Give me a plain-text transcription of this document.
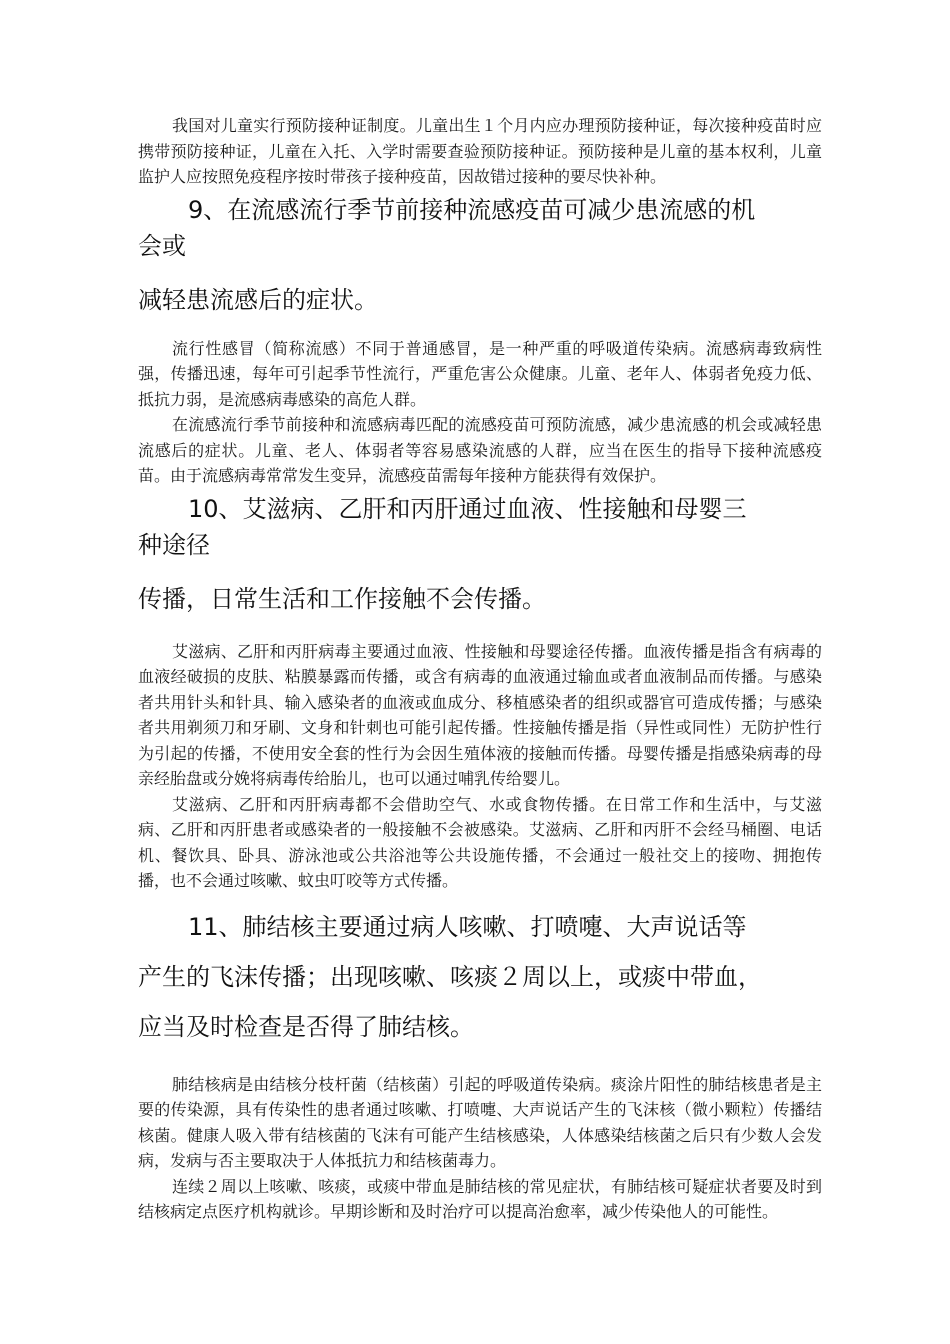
我国对儿童实行预防接种证制度。儿童出生１个月内应办理预防接种证，每次接种疫苗时应携带预防接种证，儿童在入托、入学时需要查验预防接种证。预防接种是儿童的基本权利，儿童监护人应按照免疫程序按时带孩子接种疫苗，因故错过接种的要尽快补种。

9、在流感流行季节前接种流感疫苗可减少患流感的机
会或
减轻患流感后的症状。

流行性感冒（简称流感）不同于普通感冒，是一种严重的呼吸道传染病。流感病毒致病性强，传播迅速，每年可引起季节性流行，严重危害公众健康。儿童、老年人、体弱者免疫力低、抵抗力弱，是流感病毒感染的高危人群。

在流感流行季节前接种和流感病毒匹配的流感疫苗可预防流感，减少患流感的机会或减轻患流感后的症状。儿童、老人、体弱者等容易感染流感的人群，应当在医生的指导下接种流感疫苗。由于流感病毒常常发生变异，流感疫苗需每年接种方能获得有效保护。

10、艾滋病、乙肝和丙肝通过血液、性接触和母婴三
种途径
传播，日常生活和工作接触不会传播。

艾滋病、乙肝和丙肝病毒主要通过血液、性接触和母婴途径传播。血液传播是指含有病毒的血液经破损的皮肤、粘膜暴露而传播，或含有病毒的血液通过输血或者血液制品而传播。与感染者共用针头和针具、输入感染者的血液或血成分、移植感染者的组织或器官可造成传播；与感染者共用剃须刀和牙刷、文身和针刺也可能引起传播。性接触传播是指（异性或同性）无防护性行为引起的传播，不使用安全套的性行为会因生殖体液的接触而传播。母婴传播是指感染病毒的母亲经胎盘或分娩将病毒传给胎儿，也可以通过哺乳传给婴儿。

艾滋病、乙肝和丙肝病毒都不会借助空气、水或食物传播。在日常工作和生活中，与艾滋病、乙肝和丙肝患者或感染者的一般接触不会被感染。艾滋病、乙肝和丙肝不会经马桶圈、电话机、餐饮具、卧具、游泳池或公共浴池等公共设施传播，不会通过一般社交上的接吻、拥抱传播，也不会通过咳嗽、蚊虫叮咬等方式传播。

11、肺结核主要通过病人咳嗽、打喷嚏、大声说话等
产生的飞沫传播；出现咳嗽、咳痰２周以上，或痰中带血，
应当及时检查是否得了肺结核。

肺结核病是由结核分枝杆菌（结核菌）引起的呼吸道传染病。痰涂片阳性的肺结核患者是主要的传染源，具有传染性的患者通过咳嗽、打喷嚏、大声说话产生的飞沫核（微小颗粒）传播结核菌。健康人吸入带有结核菌的飞沫有可能产生结核感染，人体感染结核菌之后只有少数人会发病，发病与否主要取决于人体抵抗力和结核菌毒力。

连续２周以上咳嗽、咳痰，或痰中带血是肺结核的常见症状，有肺结核可疑症状者要及时到结核病定点医疗机构就诊。早期诊断和及时治疗可以提高治愈率，减少传染他人的可能性。
